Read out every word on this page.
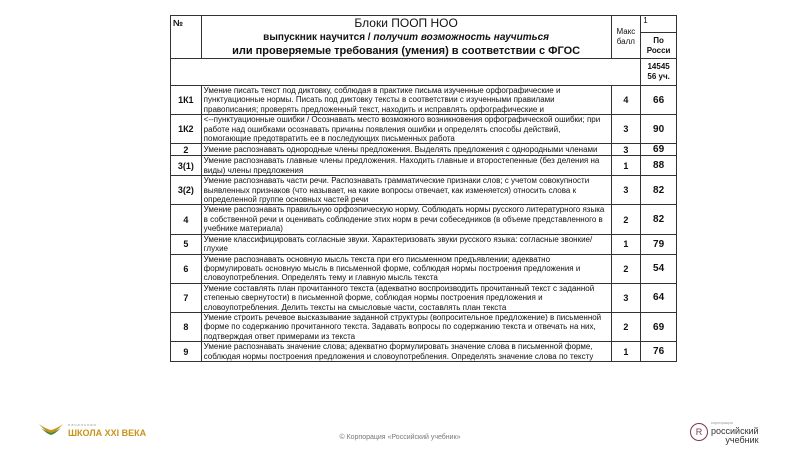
№	Блоки ПООП НОО
выпускник научится / получит возможность научиться
или проверяемые требования (умения) в соответствии с ФГОС	Макс балл	1
			По Росси
			14545 56 уч.
1К1	Умение писать текст под диктовку, соблюдая в практике письма изученные орфографические и пунктуационные нормы. Писать под диктовку тексты в соответствии с изученными правилами правописания; проверять предложенный текст, находить и исправлять орфографические и	4	66
1К2	<--пунктуационные ошибки / Осознавать место возможного возникновения орфографической ошибки; при работе над ошибками осознавать причины появления ошибки и определять способы действий, помогающие предотвратить ее в последующих письменных работа	3	90
2	Умение распознавать однородные члены предложения. Выделять предложения с однородными членами	3	69
3(1)	Умение распознавать главные члены предложения. Находить главные и второстепенные (без деления на виды) члены предложения	1	88
3(2)	Умение распознавать части речи. Распознавать грамматические признаки слов; с учетом совокупности выявленных признаков (что называет, на какие вопросы отвечает, как изменяется) относить слова к определенной группе основных частей речи	3	82
4	Умение распознавать правильную орфоэпическую норму. Соблюдать нормы русского литературного языка в собственной речи и оценивать соблюдение этих норм в речи собеседников (в объеме представленного в учебнике материала)	2	82
5	Умение классифицировать согласные звуки. Характеризовать звуки русского языка: согласные звонкие/глухие	1	79
6	Умение распознавать основную мысль текста при его письменном предъявлении; адекватно формулировать основную мысль в письменной форме, соблюдая нормы построения предложения и словоупотребления. Определять тему и главную мысль текста	2	54
7	Умение составлять план прочитанного текста (адекватно воспроизводить прочитанный текст с заданной степенью свернутости) в письменной форме, соблюдая нормы построения предложения и словоупотребления. Делить тексты на смысловые части, составлять план текста	3	64
8	Умение строить речевое высказывание заданной структуры (вопросительное предложение) в письменной форме по содержанию прочитанного текста. Задавать вопросы по содержанию текста и отвечать на них, подтверждая ответ примерами из текста	2	69
9	Умение распознавать значение слова; адекватно формулировать значение слова в письменной форме, соблюдая нормы построения предложения и словоупотребления. Определять значение слова по тексту	1	76
начальная
ШКОЛА XXI ВЕКА	© Корпорация «Российский учебник»
R
корпорация
российский
учебник
